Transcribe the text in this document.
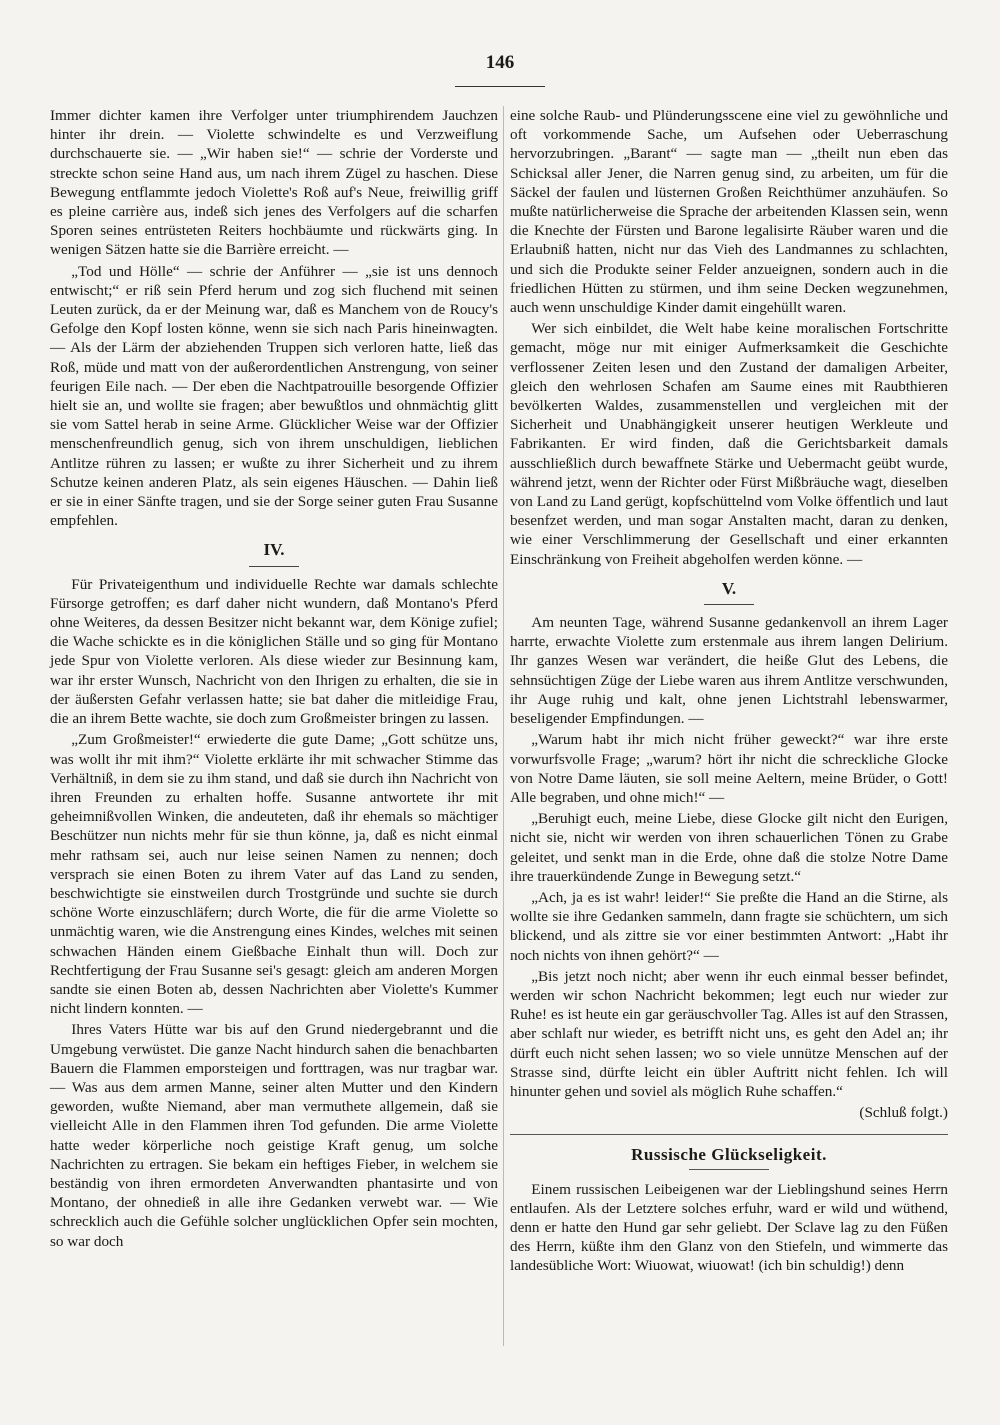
146

Immer dichter kamen ihre Verfolger unter triumphirendem Jauchzen hinter ihr drein. — Violette schwindelte es und Verzweiflung durchschauerte sie. — „Wir haben sie!“ — schrie der Vorderste und streckte schon seine Hand aus, um nach ihrem Zügel zu haschen. Diese Bewegung entflammte jedoch Violette's Roß auf's Neue, freiwillig griff es pleine carrière aus, indeß sich jenes des Verfolgers auf die scharfen Sporen seines entrüsteten Reiters hochbäumte und rückwärts ging. In wenigen Sätzen hatte sie die Barrière erreicht. —

„Tod und Hölle“ — schrie der Anführer — „sie ist uns dennoch entwischt;“ er riß sein Pferd herum und zog sich fluchend mit seinen Leuten zurück, da er der Meinung war, daß es Manchem von de Roucy's Gefolge den Kopf losten könne, wenn sie sich nach Paris hineinwagten. — Als der Lärm der abziehenden Truppen sich verloren hatte, ließ das Roß, müde und matt von der außerordentlichen Anstrengung, von seiner feurigen Eile nach. — Der eben die Nachtpatrouille besorgende Offizier hielt sie an, und wollte sie fragen; aber bewußtlos und ohnmächtig glitt sie vom Sattel herab in seine Arme. Glücklicher Weise war der Offizier menschenfreundlich genug, sich von ihrem unschuldigen, lieblichen Antlitze rühren zu lassen; er wußte zu ihrer Sicherheit und zu ihrem Schutze keinen anderen Platz, als sein eigenes Häuschen. — Dahin ließ er sie in einer Sänfte tragen, und sie der Sorge seiner guten Frau Susanne empfehlen.

IV.

Für Privateigenthum und individuelle Rechte war damals schlechte Fürsorge getroffen; es darf daher nicht wundern, daß Montano's Pferd ohne Weiteres, da dessen Besitzer nicht bekannt war, dem Könige zufiel; die Wache schickte es in die königlichen Ställe und so ging für Montano jede Spur von Violette verloren. Als diese wieder zur Besinnung kam, war ihr erster Wunsch, Nachricht von den Ihrigen zu erhalten, die sie in der äußersten Gefahr verlassen hatte; sie bat daher die mitleidige Frau, die an ihrem Bette wachte, sie doch zum Großmeister bringen zu lassen.

„Zum Großmeister!“ erwiederte die gute Dame; „Gott schütze uns, was wollt ihr mit ihm?“ Violette erklärte ihr mit schwacher Stimme das Verhältniß, in dem sie zu ihm stand, und daß sie durch ihn Nachricht von ihren Freunden zu erhalten hoffe. Susanne antwortete ihr mit geheimnißvollen Winken, die andeuteten, daß ihr ehemals so mächtiger Beschützer nun nichts mehr für sie thun könne, ja, daß es nicht einmal mehr rathsam sei, auch nur leise seinen Namen zu nennen; doch versprach sie einen Boten zu ihrem Vater auf das Land zu senden, beschwichtigte sie einstweilen durch Trostgründe und suchte sie durch schöne Worte einzuschläfern; durch Worte, die für die arme Violette so unmächtig waren, wie die Anstrengung eines Kindes, welches mit seinen schwachen Händen einem Gießbache Einhalt thun will. Doch zur Rechtfertigung der Frau Susanne sei's gesagt: gleich am anderen Morgen sandte sie einen Boten ab, dessen Nachrichten aber Violette's Kummer nicht lindern konnten. —

Ihres Vaters Hütte war bis auf den Grund niedergebrannt und die Umgebung verwüstet. Die ganze Nacht hindurch sahen die benachbarten Bauern die Flammen emporsteigen und forttragen, was nur tragbar war. — Was aus dem armen Manne, seiner alten Mutter und den Kindern geworden, wußte Niemand, aber man vermuthete allgemein, daß sie vielleicht Alle in den Flammen ihren Tod gefunden. Die arme Violette hatte weder körperliche noch geistige Kraft genug, um solche Nachrichten zu ertragen. Sie bekam ein heftiges Fieber, in welchem sie beständig von ihren ermordeten Anverwandten phantasirte und von Montano, der ohnedieß in alle ihre Gedanken verwebt war. — Wie schrecklich auch die Gefühle solcher unglücklichen Opfer sein mochten, so war doch

eine solche Raub- und Plünderungsscene eine viel zu gewöhnliche und oft vorkommende Sache, um Aufsehen oder Ueberraschung hervorzubringen. „Barant“ — sagte man — „theilt nun eben das Schicksal aller Jener, die Narren genug sind, zu arbeiten, um für die Säckel der faulen und lüsternen Großen Reichthümer anzuhäufen. So mußte natürlicherweise die Sprache der arbeitenden Klassen sein, wenn die Knechte der Fürsten und Barone legalisirte Räuber waren und die Erlaubniß hatten, nicht nur das Vieh des Landmannes zu schlachten, und sich die Produkte seiner Felder anzueignen, sondern auch in die friedlichen Hütten zu stürmen, und ihm seine Decken wegzunehmen, auch wenn unschuldige Kinder damit eingehüllt waren.

Wer sich einbildet, die Welt habe keine moralischen Fortschritte gemacht, möge nur mit einiger Aufmerksamkeit die Geschichte verflossener Zeiten lesen und den Zustand der damaligen Arbeiter, gleich den wehrlosen Schafen am Saume eines mit Raubthieren bevölkerten Waldes, zusammenstellen und vergleichen mit der Sicherheit und Unabhängigkeit unserer heutigen Werkleute und Fabrikanten. Er wird finden, daß die Gerichtsbarkeit damals ausschließlich durch bewaffnete Stärke und Uebermacht geübt wurde, während jetzt, wenn der Richter oder Fürst Mißbräuche wagt, dieselben von Land zu Land gerügt, kopfschüttelnd vom Volke öffentlich und laut besenfzet werden, und man sogar Anstalten macht, daran zu denken, wie einer Verschlimmerung der Gesellschaft und einer erkannten Einschränkung von Freiheit abgeholfen werden könne. —

V.

Am neunten Tage, während Susanne gedankenvoll an ihrem Lager harrte, erwachte Violette zum erstenmale aus ihrem langen Delirium. Ihr ganzes Wesen war verändert, die heiße Glut des Lebens, die sehnsüchtigen Züge der Liebe waren aus ihrem Antlitze verschwunden, ihr Auge ruhig und kalt, ohne jenen Lichtstrahl lebenswarmer, beseligender Empfindungen. —

„Warum habt ihr mich nicht früher geweckt?“ war ihre erste vorwurfsvolle Frage; „warum? hört ihr nicht die schreckliche Glocke von Notre Dame läuten, sie soll meine Aeltern, meine Brüder, o Gott! Alle begraben, und ohne mich!“ —

„Beruhigt euch, meine Liebe, diese Glocke gilt nicht den Eurigen, nicht sie, nicht wir werden von ihren schauerlichen Tönen zu Grabe geleitet, und senkt man in die Erde, ohne daß die stolze Notre Dame ihre trauerkündende Zunge in Bewegung setzt.“

„Ach, ja es ist wahr! leider!“ Sie preßte die Hand an die Stirne, als wollte sie ihre Gedanken sammeln, dann fragte sie schüchtern, um sich blickend, und als zittre sie vor einer bestimmten Antwort: „Habt ihr noch nichts von ihnen gehört?“ —

„Bis jetzt noch nicht; aber wenn ihr euch einmal besser befindet, werden wir schon Nachricht bekommen; legt euch nur wieder zur Ruhe! es ist heute ein gar geräuschvoller Tag. Alles ist auf den Strassen, aber schlaft nur wieder, es betrifft nicht uns, es geht den Adel an; ihr dürft euch nicht sehen lassen; wo so viele unnütze Menschen auf der Strasse sind, dürfte leicht ein übler Auftritt nicht fehlen. Ich will hinunter gehen und soviel als möglich Ruhe schaffen.“

(Schluß folgt.)
Russische Glückseligkeit.

Einem russischen Leibeigenen war der Lieblingshund seines Herrn entlaufen. Als der Letztere solches erfuhr, ward er wild und wüthend, denn er hatte den Hund gar sehr geliebt. Der Sclave lag zu den Füßen des Herrn, küßte ihm den Glanz von den Stiefeln, und wimmerte das landesübliche Wort: Wiuowat, wiuowat! (ich bin schuldig!) denn
